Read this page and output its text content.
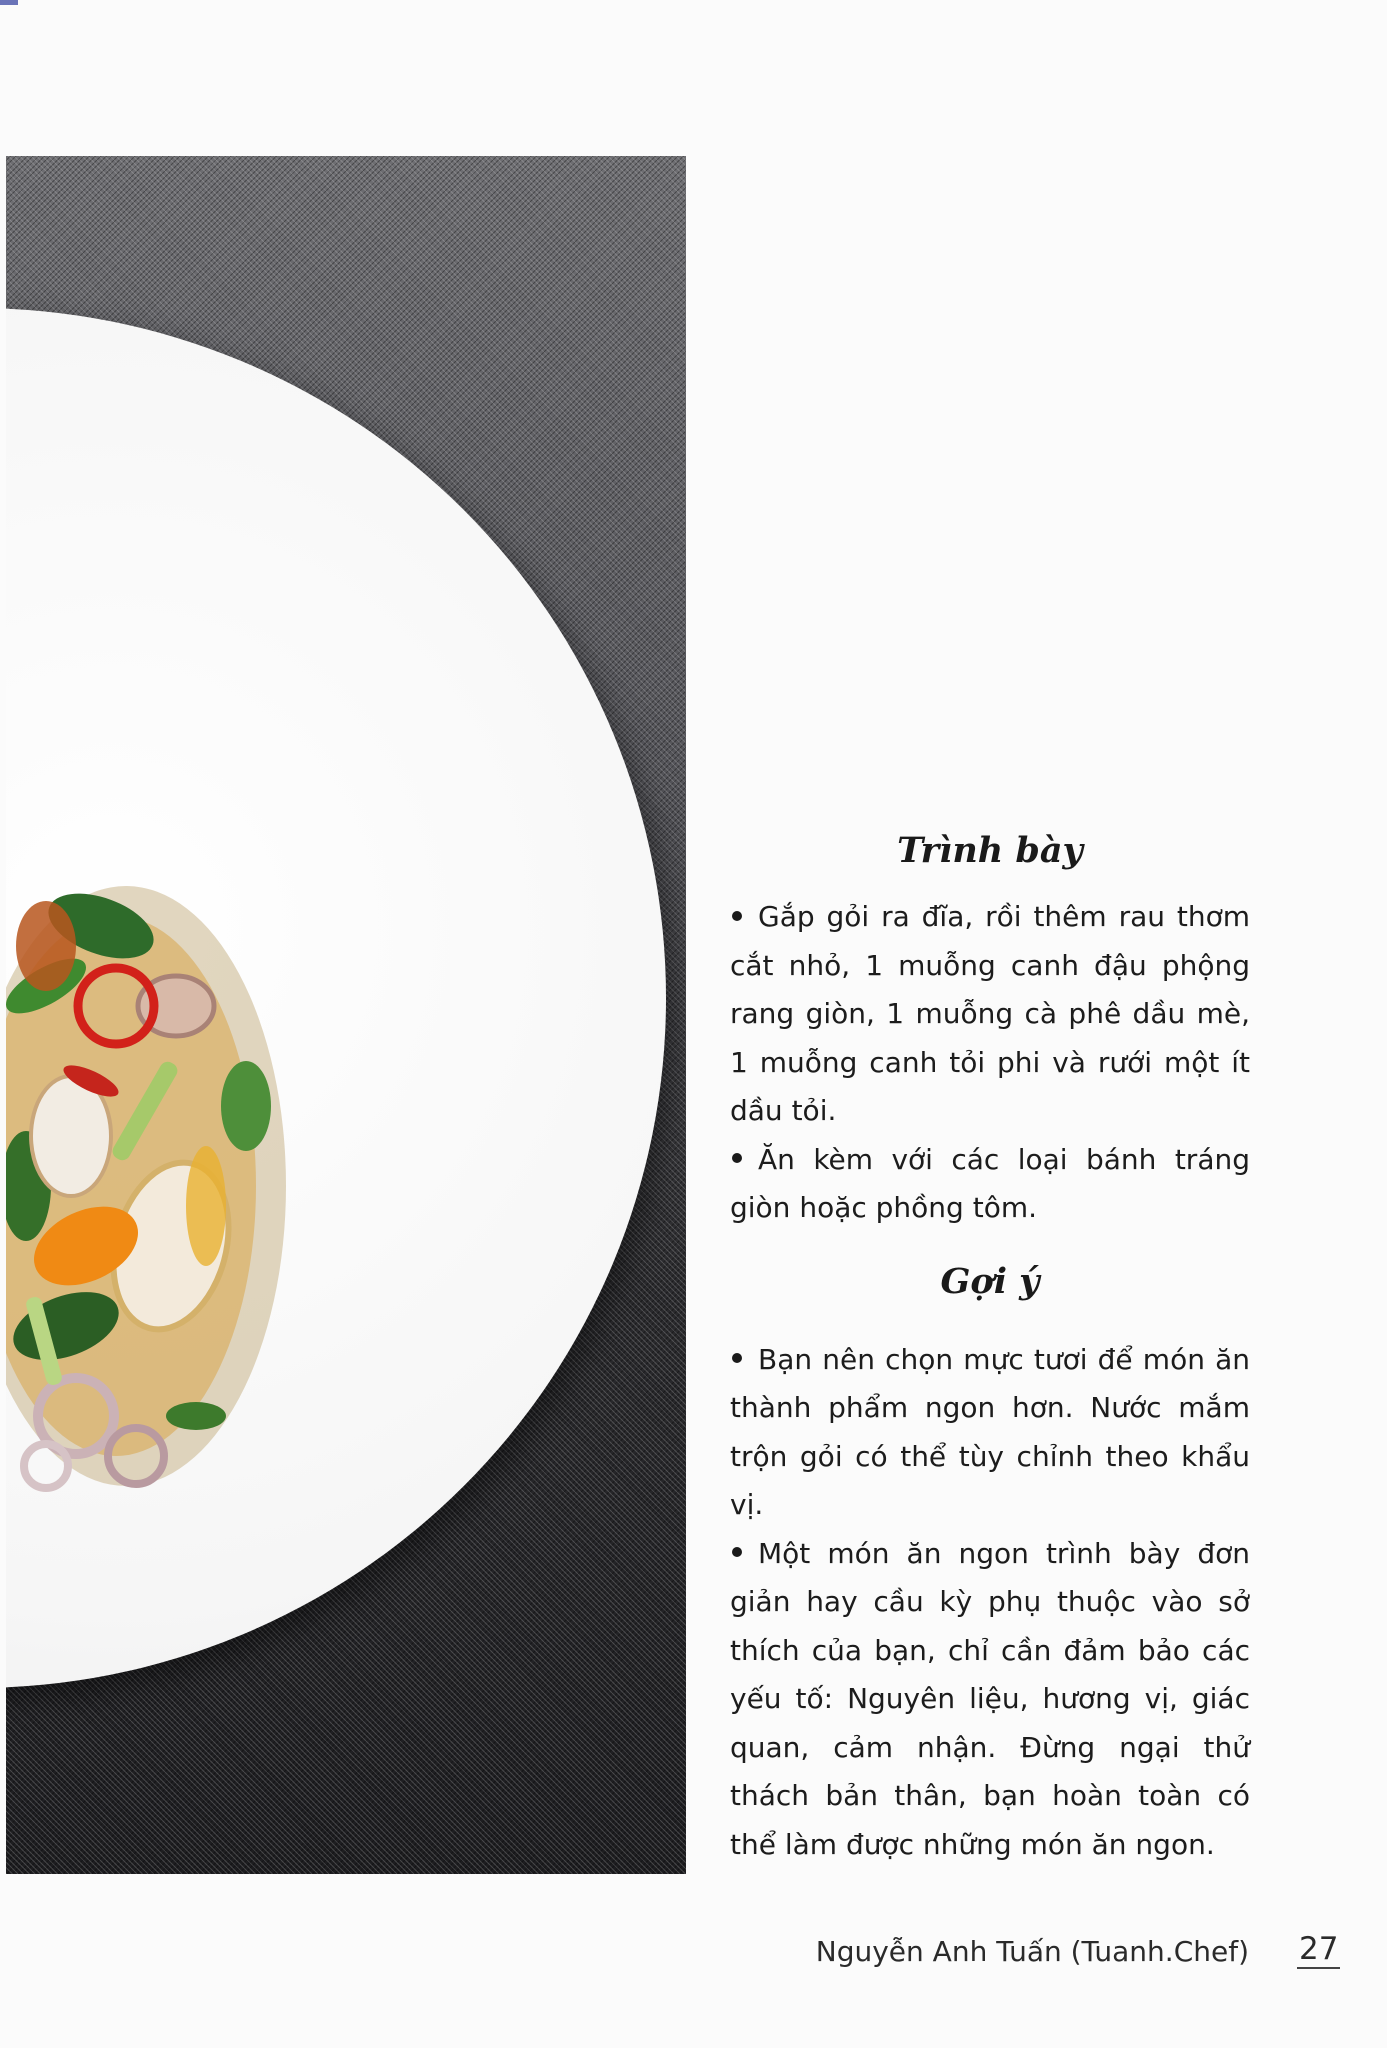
Trình bày
Gắp gỏi ra đĩa, rồi thêm rau thơm cắt nhỏ, 1 muỗng canh đậu phộng rang giòn, 1 muỗng cà phê dầu mè, 1 muỗng canh tỏi phi và rưới một ít dầu tỏi.
Ăn kèm với các loại bánh tráng giòn hoặc phồng tôm.
Gợi ý
Bạn nên chọn mực tươi để món ăn thành phẩm ngon hơn. Nước mắm trộn gỏi có thể tùy chỉnh theo khẩu vị.
Một món ăn ngon trình bày đơn giản hay cầu kỳ phụ thuộc vào sở thích của bạn, chỉ cần đảm bảo các yếu tố: Nguyên liệu, hương vị, giác quan, cảm nhận. Đừng ngại thử thách bản thân, bạn hoàn toàn có thể làm được những món ăn ngon.
Nguyễn Anh Tuấn (Tuanh.Chef) 27
